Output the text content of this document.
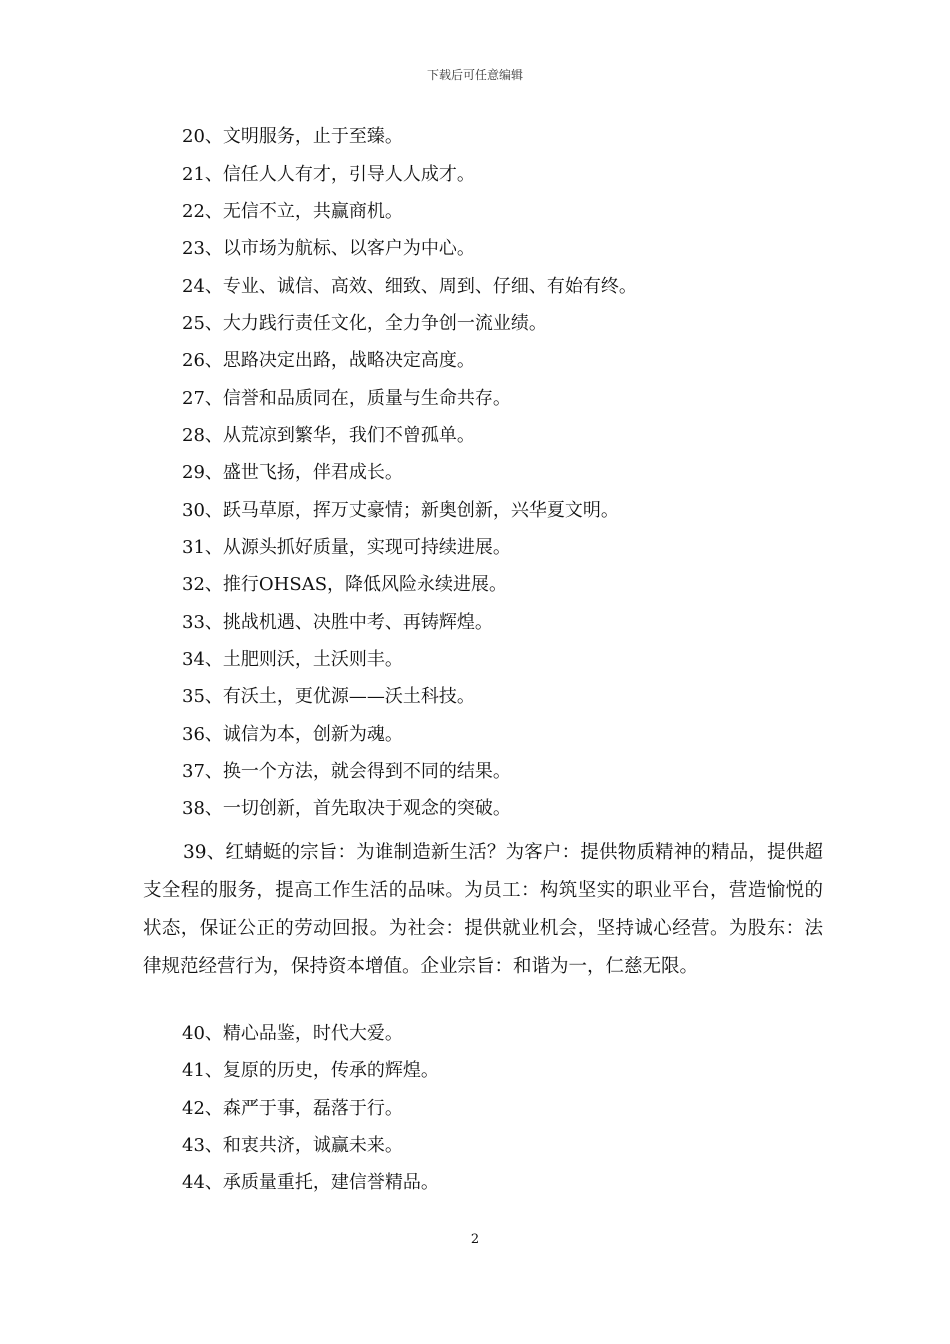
下载后可任意编辑
20、文明服务，止于至臻。
21、信任人人有才，引导人人成才。
22、无信不立，共赢商机。
23、以市场为航标、以客户为中心。
24、专业、诚信、高效、细致、周到、仔细、有始有终。
25、大力践行责任文化，全力争创一流业绩。
26、思路决定出路，战略决定高度。
27、信誉和品质同在，质量与生命共存。
28、从荒凉到繁华，我们不曾孤单。
29、盛世飞扬，伴君成长。
30、跃马草原，挥万丈豪情；新奥创新，兴华夏文明。
31、从源头抓好质量，实现可持续进展。
32、推行OHSAS，降低风险永续进展。
33、挑战机遇、决胜中考、再铸辉煌。
34、土肥则沃，土沃则丰。
35、有沃土，更优源——沃土科技。
36、诚信为本，创新为魂。
37、换一个方法，就会得到不同的结果。
38、一切创新，首先取决于观念的突破。

39、红蜻蜓的宗旨：为谁制造新生活？为客户：提供物质精神的精品，提供超支全程的服务，提高工作生活的品味。为员工：构筑坚实的职业平台，营造愉悦的状态，保证公正的劳动回报。为社会：提供就业机会，坚持诚心经营。为股东：法律规范经营行为，保持资本增值。企业宗旨：和谐为一，仁慈无限。

40、精心品鉴，时代大爱。
41、复原的历史，传承的辉煌。
42、森严于事，磊落于行。
43、和衷共济，诚赢未来。
44、承质量重托，建信誉精品。
2
